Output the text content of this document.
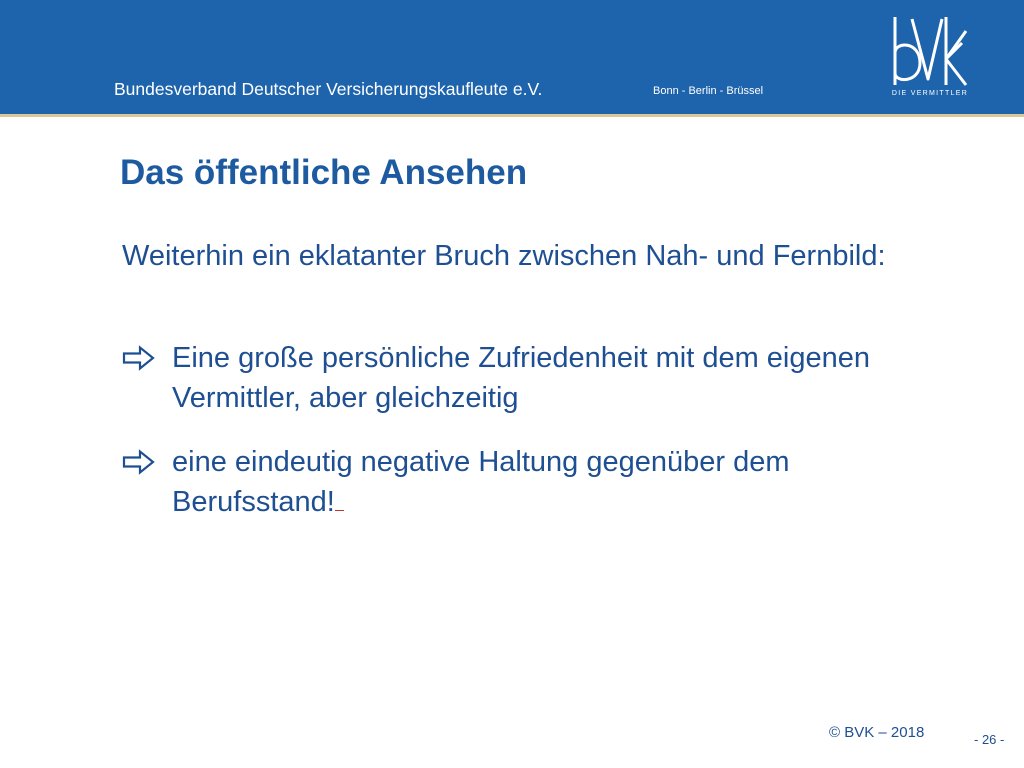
Bundesverband Deutscher Versicherungskaufleute e.V.	Bonn - Berlin - Brüssel	DIE VERMITTLER
Das öffentliche Ansehen

Weiterhin ein eklatanter Bruch zwischen Nah- und Fernbild:

Eine große persönliche Zufriedenheit mit dem eigenen Vermittler, aber gleichzeitig
eine eindeutig negative Haltung gegenüber dem Berufsstand!
© BVK – 2018	- 26 -
